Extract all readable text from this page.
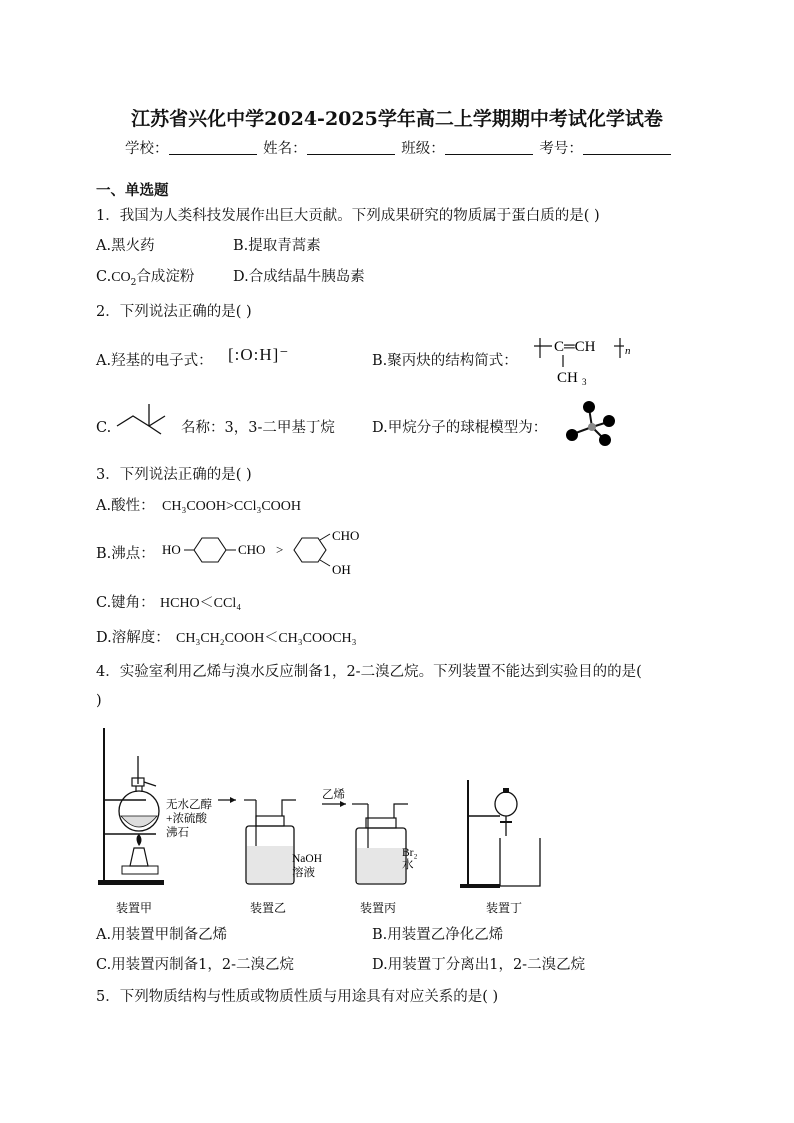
江苏省兴化中学2024-2025学年高二上学期期中考试化学试卷
学校：	姓名：	班级：	考号：
一、单选题
1．我国为人类科技发展作出巨大贡献。下列成果研究的物质属于蛋白质的是( )
A.黑火药	B.提取青蒿素
$C.CO_2$合成淀粉	D.合成结晶牛胰岛素
2．下列说法正确的是( )
A.羟基的电子式： [:O:H]⁻	B.聚丙炔的结构简式：
C═CH	n
CH 3
C.	名称：3，3-二甲基丁烷	D.甲烷分子的球棍模型为：
3．下列说法正确的是( )
A.酸性： CH₃COOH>CCl₃COOH
B.沸点： HO	CHO >
CHO
OH
C.键角： HCHO＜CCl₄
D.溶解度： CH₃CH₂COOH＜CH₃COOCH₃
4．实验室利用乙烯与溴水反应制备1，2-二溴乙烷。下列装置不能达到实验目的的是(
)
无水乙醇
+浓硫酸
沸石
装置甲
NaOH
溶液
装置乙
乙烯
Br₂
水
装置丙	装置丁
A.用装置甲制备乙烯	B.用装置乙净化乙烯
C.用装置丙制备1，2-二溴乙烷	D.用装置丁分离出1，2-二溴乙烷
5．下列物质结构与性质或物质性质与用途具有对应关系的是( )
